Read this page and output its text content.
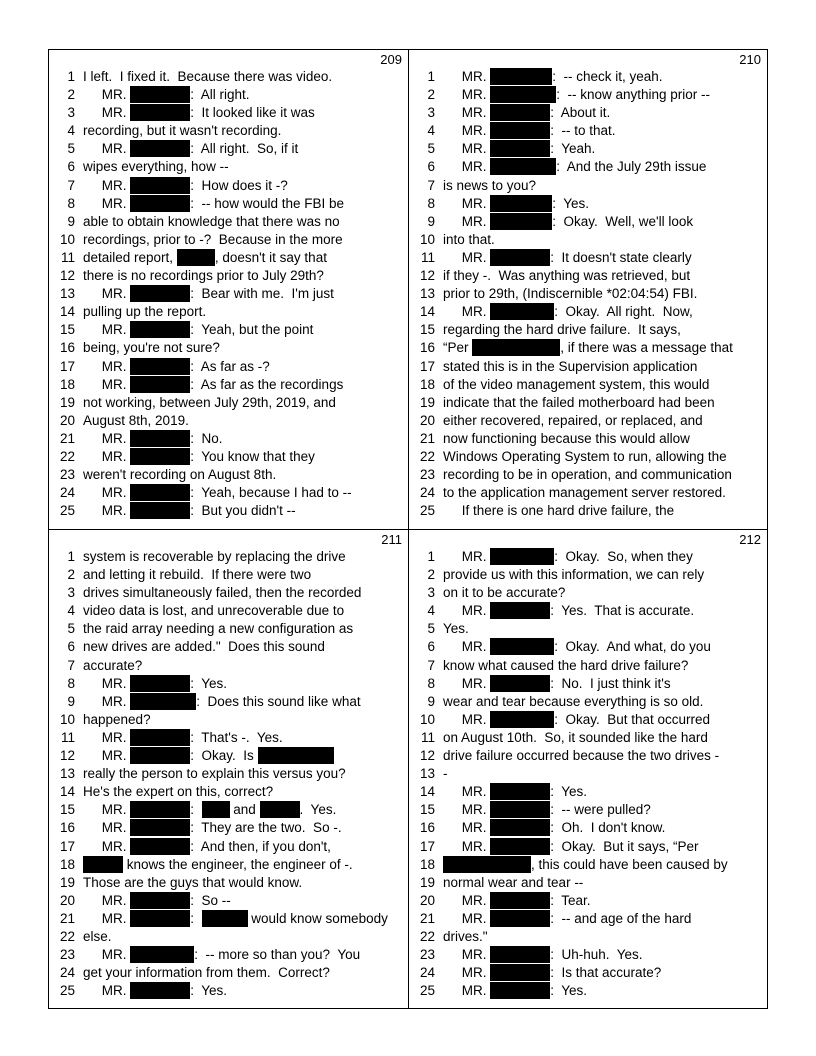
209
1 I left.  I fixed it.  Because there was video.
2 MR.	:  All right.
3 MR.	:  It looked like it was
4 recording, but it wasn't recording.
5 MR.	:  All right.  So, if it
6 wipes everything, how --
7 MR.	:  How does it -?
8 MR.	:  -- how would the FBI be
9 able to obtain knowledge that there was no
10 recordings, prior to -?  Because in the more
11 detailed report,	, doesn't it say that
12 there is no recordings prior to July 29th?
13 MR.	:  Bear with me.  I'm just
14 pulling up the report.
15 MR.	:  Yeah, but the point
16 being, you're not sure?
17 MR.	:  As far as -?
18 MR.	:  As far as the recordings
19 not working, between July 29th, 2019, and
20 August 8th, 2019.
21 MR.	:  No.
22 MR.	:  You know that they
23 weren't recording on August 8th.
24 MR.	:  Yeah, because I had to --
25 MR.	:  But you didn't --
210
1 MR.	:  -- check it, yeah.
2 MR.	:  -- know anything prior --
3 MR.	:  About it.
4 MR.	:  -- to that.
5 MR.	:  Yeah.
6 MR.	:  And the July 29th issue
7 is news to you?
8 MR.	:  Yes.
9 MR.	:  Okay.  Well, we'll look
10 into that.
11 MR.	:  It doesn't state clearly
12 if they -.  Was anything was retrieved, but
13 prior to 29th, (Indiscernible *02:04:54) FBI.
14 MR.	:  Okay.  All right.  Now,
15 regarding the hard drive failure.  It says,
16 “Per	, if there was a message that
17 stated this is in the Supervision application
18 of the video management system, this would
19 indicate that the failed motherboard had been
20 either recovered, repaired, or replaced, and
21 now functioning because this would allow
22 Windows Operating System to run, allowing the
23 recording to be in operation, and communication
24 to the application management server restored.
25 If there is one hard drive failure, the
211
1 system is recoverable by replacing the drive
2 and letting it rebuild.  If there were two
3 drives simultaneously failed, then the recorded
4 video data is lost, and unrecoverable due to
5 the raid array needing a new configuration as
6 new drives are added."  Does this sound
7 accurate?
8 MR.	:  Yes.
9 MR.	:  Does this sound like what
10 happened?
11 MR.	:  That's -.  Yes.
12 MR.	:  Okay.  Is
13 really the person to explain this versus you?
14 He's the expert on this, correct?
15 MR.	:   and	.  Yes.
16 MR.	:  They are the two.  So -.
17 MR.	:  And then, if you don't,
18	knows the engineer, the engineer of -.
19 Those are the guys that would know.
20 MR.	:  So --
21 MR.	:	would know somebody
22 else.
23 MR.	:  -- more so than you?  You
24 get your information from them.  Correct?
25 MR.	:  Yes.
212
1 MR.	:  Okay.  So, when they
2 provide us with this information, we can rely
3 on it to be accurate?
4 MR.	:  Yes.  That is accurate.
5 Yes.
6 MR.	:  Okay.  And what, do you
7 know what caused the hard drive failure?
8 MR.	:  No.  I just think it's
9 wear and tear because everything is so old.
10 MR.	:  Okay.  But that occurred
11 on August 10th.  So, it sounded like the hard
12 drive failure occurred because the two drives -
13 -
14 MR.	:  Yes.
15 MR.	:  -- were pulled?
16 MR.	:  Oh.  I don't know.
17 MR.	:  Okay.  But it says, “Per
18	, this could have been caused by
19 normal wear and tear --
20 MR.	:  Tear.
21 MR.	:  -- and age of the hard
22 drives."
23 MR.	:  Uh-huh.  Yes.
24 MR.	:  Is that accurate?
25 MR.	:  Yes.
